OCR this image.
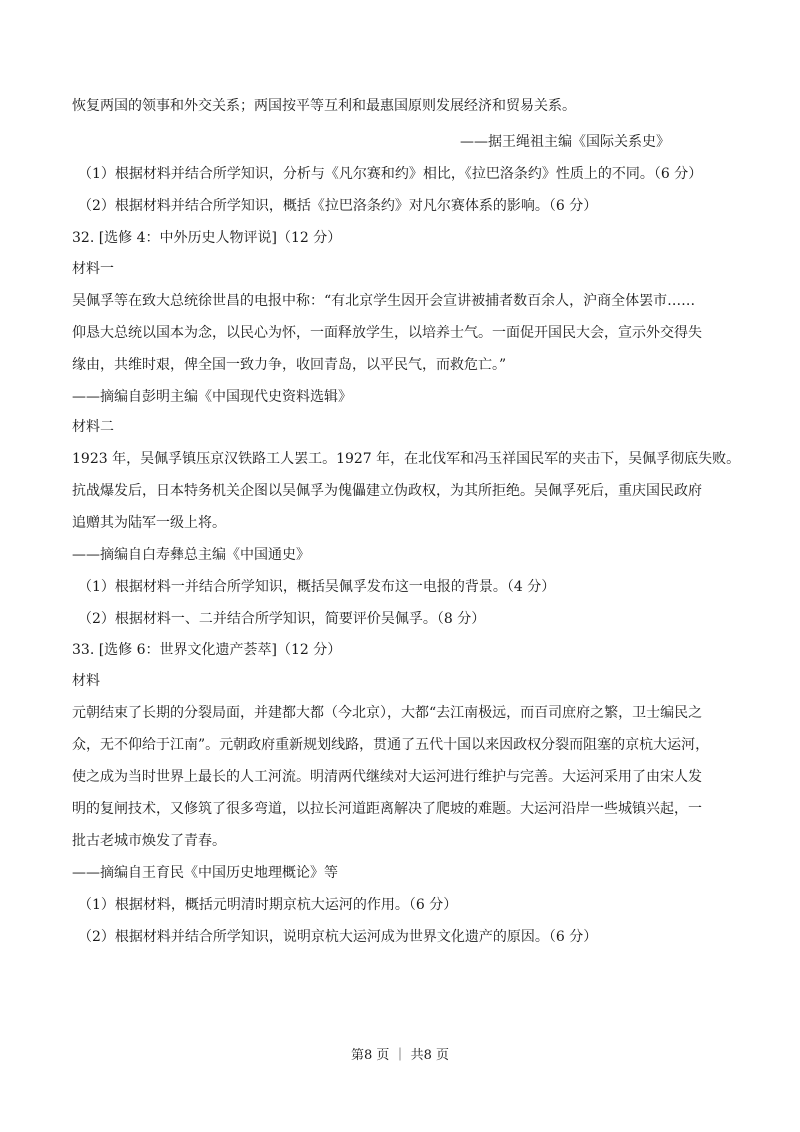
恢复两国的领事和外交关系；两国按平等互利和最惠国原则发展经济和贸易关系。
——据王绳祖主编《国际关系史》
（1）根据材料并结合所学知识，分析与《凡尔赛和约》相比，《拉巴洛条约》性质上的不同。（6 分）
（2）根据材料并结合所学知识，概括《拉巴洛条约》对凡尔赛体系的影响。（6 分）
32. [选修 4：中外历史人物评说]（12 分）
材料一
吴佩孚等在致大总统徐世昌的电报中称：“有北京学生因开会宣讲被捕者数百余人，沪商全体罢市……
仰恳大总统以国本为念，以民心为怀，一面释放学生，以培养士气。一面促开国民大会，宣示外交得失
缘由，共维时艰，俾全国一致力争，收回青岛，以平民气，而救危亡。”
——摘编自彭明主编《中国现代史资料选辑》
材料二
1923 年，吴佩孚镇压京汉铁路工人罢工。1927 年，在北伐军和冯玉祥国民军的夹击下，吴佩孚彻底失败。
抗战爆发后，日本特务机关企图以吴佩孚为傀儡建立伪政权，为其所拒绝。吴佩孚死后，重庆国民政府
追赠其为陆军一级上将。
——摘编自白寿彝总主编《中国通史》
（1）根据材料一并结合所学知识，概括吴佩孚发布这一电报的背景。（4 分）
（2）根据材料一、二并结合所学知识，简要评价吴佩孚。（8 分）
33. [选修 6：世界文化遗产荟萃]（12 分）
材料
元朝结束了长期的分裂局面，并建都大都（今北京），大都“去江南极远，而百司庶府之繁，卫士编民之
众，无不仰给于江南”。元朝政府重新规划线路，贯通了五代十国以来因政权分裂而阻塞的京杭大运河，
使之成为当时世界上最长的人工河流。明清两代继续对大运河进行维护与完善。大运河采用了由宋人发
明的复闸技术，又修筑了很多弯道，以拉长河道距离解决了爬坡的难题。大运河沿岸一些城镇兴起，一
批古老城市焕发了青春。
——摘编自王育民《中国历史地理概论》等
（1）根据材料，概括元明清时期京杭大运河的作用。（6 分）
（2）根据材料并结合所学知识，说明京杭大运河成为世界文化遗产的原因。（6 分）
第8 页 ｜ 共8 页
